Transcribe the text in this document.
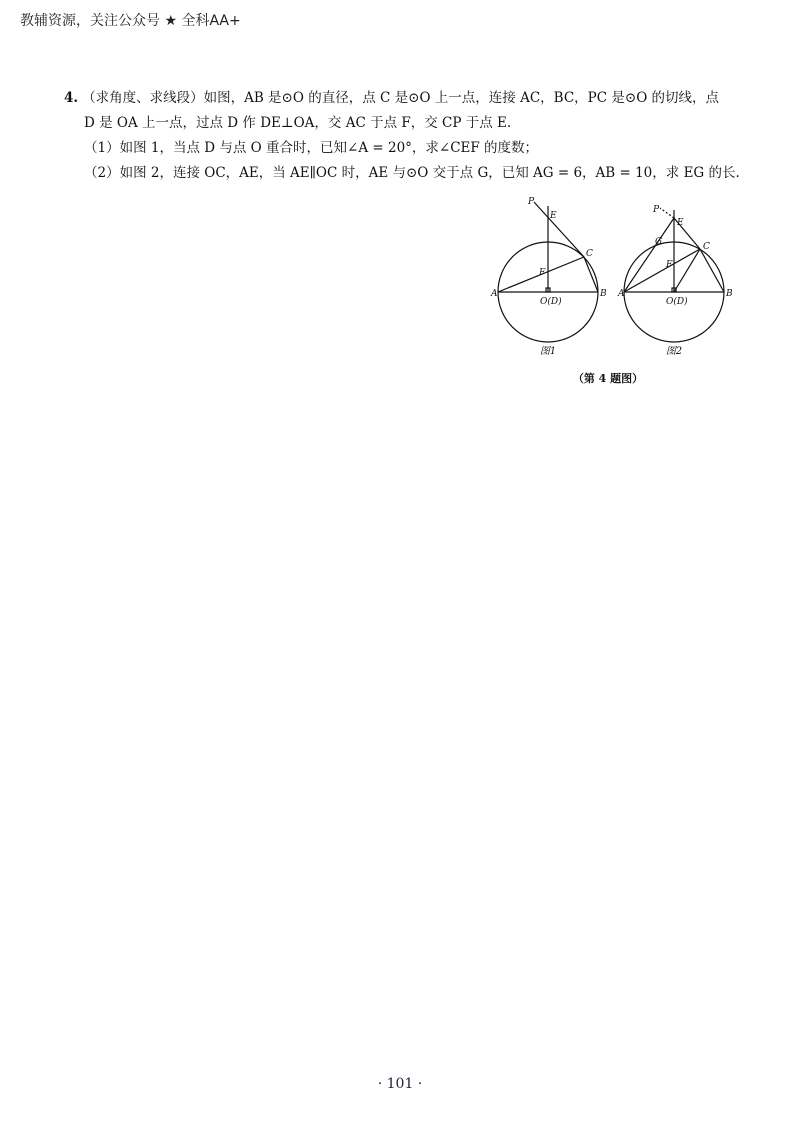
教辅资源，关注公众号 ★ 全科AA+
4. （求角度、求线段）如图，AB 是⊙O 的直径，点 C 是⊙O 上一点，连接 AC，BC，PC 是⊙O 的切线，点
D 是 OA 上一点，过点 D 作 DE⊥OA，交 AC 于点 F，交 CP 于点 E.
（1）如图 1，当点 D 与点 O 重合时，已知∠A = 20°，求∠CEF 的度数；
（2）如图 2，连接 OC，AE，当 AE∥OC 时，AE 与⊙O 交于点 G，已知 AG = 6，AB = 10，求 EG 的长.
P
E
C
F
A	B
O(D)
图1
P
E
G	C
F
A	B
O(D)
图2
（第 4 题图）
· 101 ·
